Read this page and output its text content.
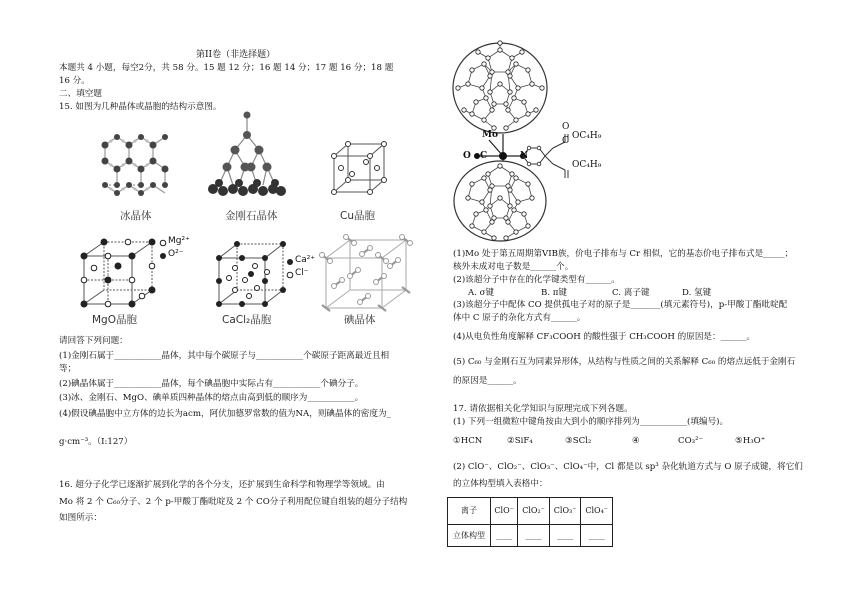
第II卷（非选择题）
本题共 4 小题，每空2分，共 58 分。15 题 12 分；16 题 14 分；17 题 16 分；18 题
16 分。
二、填空题
15. 如图为几种晶体或晶胞的结构示意图。
冰晶体	金刚石晶体	Cu晶胞
Mg²⁺
O²⁻
MgO晶胞
Ca²⁺
Cl⁻
CaCl₂晶胞	碘晶体
请回答下列问题：
(1)金刚石属于___________晶体，其中每个碳原子与___________个碳原子距离最近且相
等；
(2)碘晶体属于___________晶体，每个碘晶胞中实际占有___________个碘分子。
(3)冰、金刚石、MgO、碘单质四种晶体的熔点由高到低的顺序为___________。
(4)假设碘晶胞中立方体的边长为acm，阿伏加德罗常数的值为NA，则碘晶体的密度为_
g·cm⁻³。（I:127）
16. 超分子化学已逐渐扩展到化学的各个分支，还扩展到生命科学和物理学等领域。由
Mo 将 2 个 C₆₀分子、2 个 p-甲酸丁酯吡啶及 2 个 CO分子利用配位键自组装的超分子结构
如图所示：
Mo
N
O C
O
C OC₄H₉
OC₄H₉
(1)Mo 处于第五周期第VIB族，价电子排布与 Cr 相似，它的基态价电子排布式是_____；
核外未成对电子数是______个。
(2)该超分子中存在的化学键类型有______。
A. σ键	B. π键	C. 离子键	D. 氢键
(3)该超分子中配体 CO 提供孤电子对的原子是_______(填元素符号)，p-甲酸丁酯吡啶配
体中 C 原子的杂化方式有______。
(4)从电负性角度解释 CF₃COOH 的酸性强于 CH₃COOH 的原因是：______。
(5) C₆₀ 与金刚石互为同素异形体，从结构与性质之间的关系解释 C₆₀ 的熔点远低于金刚石
的原因是______。
17. 请依据相关化学知识与原理完成下列各题。
(1) 下列一组微粒中键角按由大到小的顺序排列为___________(填编号)。
①HCN	②SiF₄	③SCl₂	④	CO₃²⁻	⑤H₃O⁺
(2) ClO⁻、ClO₂⁻、ClO₃⁻、ClO₄⁻中，Cl 都是以 sp³ 杂化轨道方式与 O 原子成键，将它们
的立体构型填入表格中：
离子	ClO⁻	ClO₂⁻	ClO₃⁻	ClO₄⁻
立体构型	____	____	____	____
